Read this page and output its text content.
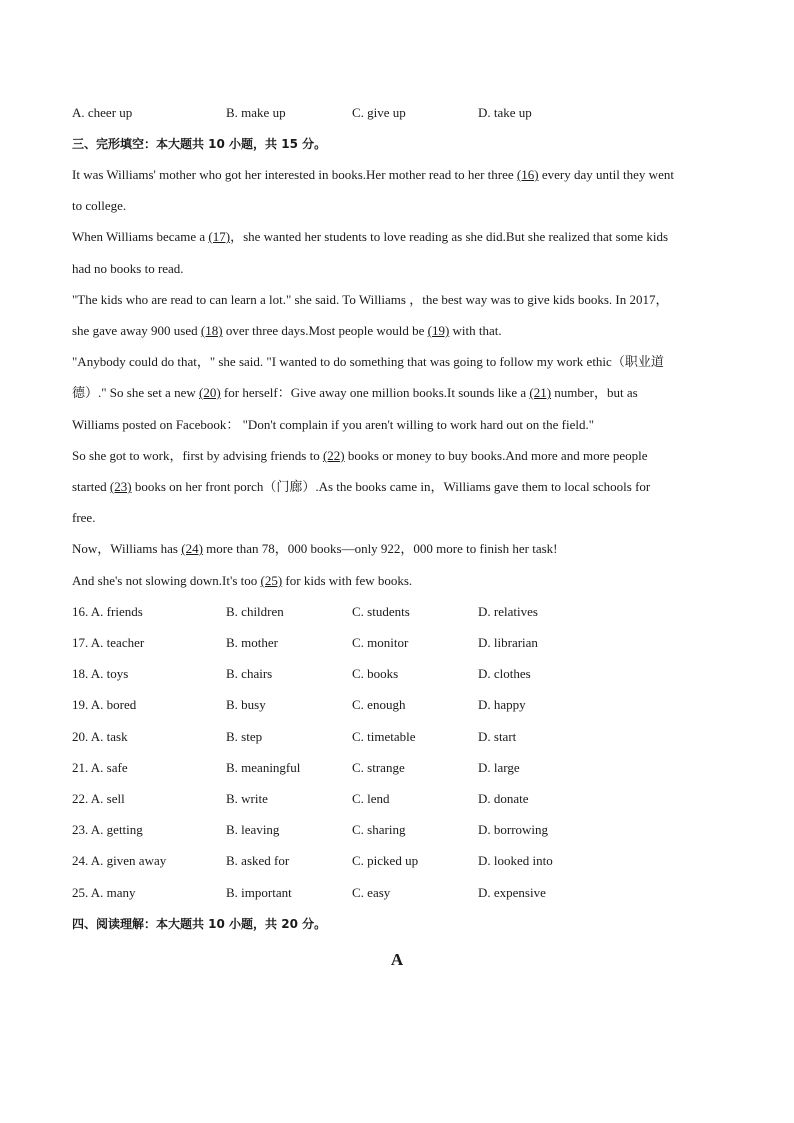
A. cheer up	B. make up	C. give up	D. take up
三、完形填空：本大题共 10 小题，共 15 分。
It was Williams' mother who got her interested in books.Her mother read to her three (16) every day until they went
to college.
When Williams became a (17)，she wanted her students to love reading as she did.But she realized that some kids
had no books to read.
"The kids who are read to can learn a lot." she said. To Williams ，the best way was to give kids books. In 2017，
she gave away 900 used (18) over three days.Most people would be (19) with that.
"Anybody could do that，" she said. "I wanted to do something that was going to follow my work ethic（职业道
德）." So she set a new (20) for herself：Give away one million books.It sounds like a (21) number，but as
Williams posted on Facebook： "Don't complain if you aren't willing to work hard out on the field."
So she got to work，first by advising friends to (22) books or money to buy books.And more and more people
started (23) books on her front porch（门廊）.As the books came in，Williams gave them to local schools for
free.
Now，Williams has (24) more than 78，000 books—only 922，000 more to finish her task!
And she's not slowing down.It's too (25) for kids with few books.
16. A. friends	B. children	C. students	D. relatives
17. A. teacher	B. mother	C. monitor	D. librarian
18. A. toys	B. chairs	C. books	D. clothes
19. A. bored	B. busy	C. enough	D. happy
20. A. task	B. step	C. timetable	D. start
21. A. safe	B. meaningful	C. strange	D. large
22. A. sell	B. write	C. lend	D. donate
23. A. getting	B. leaving	C. sharing	D. borrowing
24. A. given away	B. asked for	C. picked up	D. looked into
25. A. many	B. important	C. easy	D. expensive
四、阅读理解：本大题共 10 小题，共 20 分。
A
